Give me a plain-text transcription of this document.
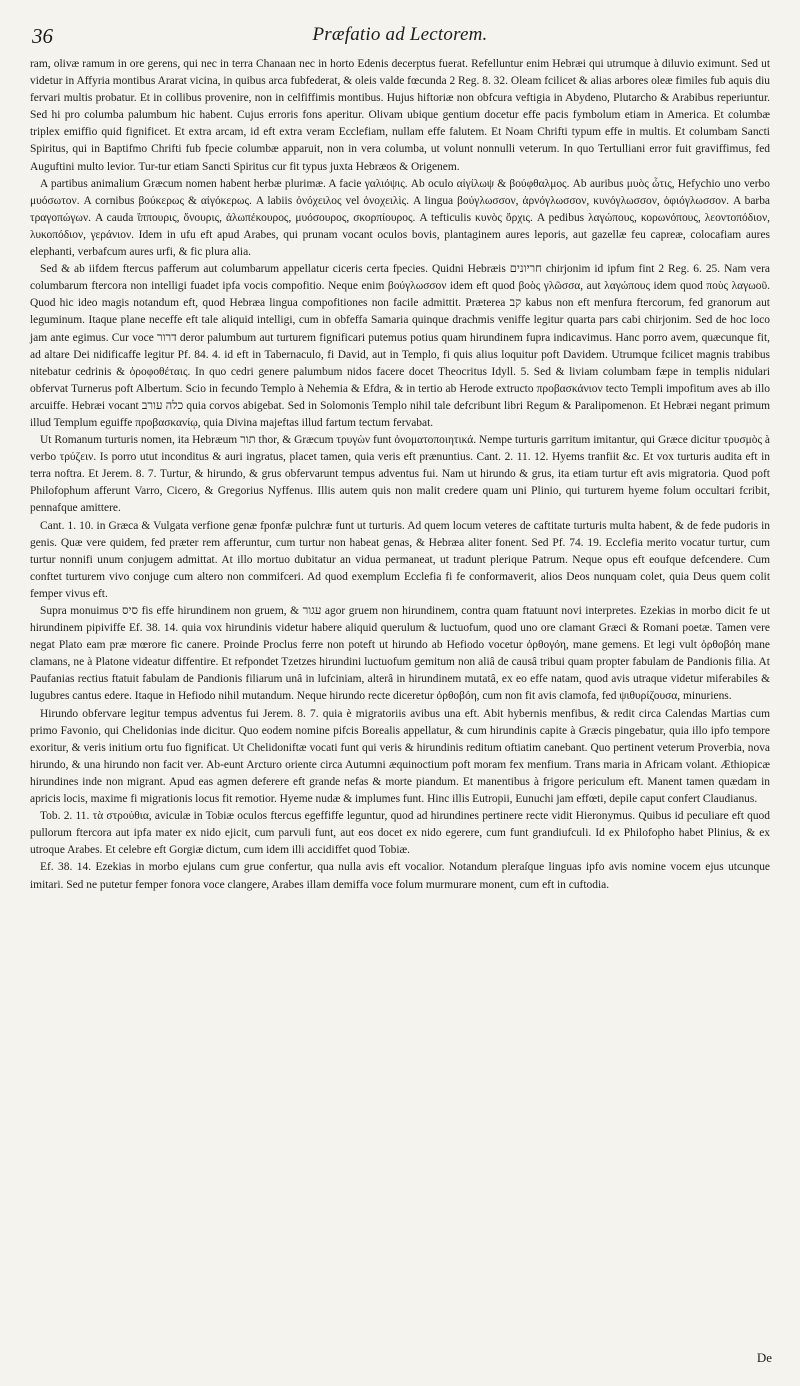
36	Præfatio ad Lectorem.

ram, olivæ ramum in ore gerens, qui nec in terra Chanaan nec in horto Edenis decerptus fuerat. Refelluntur enim Hebræi qui utrumque à diluvio eximunt. Sed ut videtur in Affyria montibus Ararat vicina, in quibus arca fubfederat, & oleis valde fœcunda 2 Reg. 8. 32. Oleam fcilicet & alias arbores oleæ fimiles fub aquis diu fervari multis probatur. Et in collibus provenire, non in celfiffimis montibus. Hujus hiftoriæ non obfcura veftigia in Abydeno, Plutarcho & Arabibus reperiuntur. Sed hi pro columba palumbum hic habent. Cujus erroris fons aperitur. Olivam ubique gentium docetur effe pacis fymbolum etiam in America. Et columbæ triplex emiffio quid fignificet. Et extra arcam, id eft extra veram Ecclefiam, nullam effe falutem. Et Noam Chrifti typum effe in multis. Et columbam Sancti Spiritus, qui in Baptifmo Chrifti fub fpecie columbæ apparuit, non in vera columba, ut volunt nonnulli veterum. In quo Tertulliani error fuit graviffimus, fed Auguftini multo levior. Tur-tur etiam Sancti Spiritus cur fit typus juxta Hebræos & Origenem.

A partibus animalium Græcum nomen habent herbæ plurimæ. A facie γαλιόψις. Ab oculo αἰγίλωψ & βούφθαλμος. Ab auribus μυὸς ὦτις, Hefychio uno verbo μυόσωτον. A cornibus βούκερως & αἰγόκερως. A labiis ὀνόχειλος vel ὀνοχειλὶς. A lingua βούγλωσσον, ἀρνόγλωσσον, κυνόγλωσσον, ὀφιόγλωσσον. A barba τραγοπώγων. A cauda ἵππουρις, ὄνουρις, ἀλωπέκουρος, μυόσουρος, σκορπίουρος. A tefticulis κυνὸς ὄρχις. A pedibus λαγώπους, κορωνόπους, λεοντοπόδιον, λυκοπόδιον, γεράνιον. Idem in ufu eft apud Arabes, qui prunam vocant oculos bovis, plantaginem aures leporis, aut gazellæ feu capreæ, colocafiam aures elephanti, verbafcum aures urfi, & fic plura alia.

Sed & ab iifdem ftercus pafferum aut columbarum appellatur ciceris certa fpecies. Quidni Hebræis חריונים chirjonim id ipfum fint 2 Reg. 6. 25. Nam vera columbarum ftercora non intelligi fuadet ipfa vocis compofitio. Neque enim βούγλωσσον idem eft quod βοὸς γλῶσσα, aut λαγώπους idem quod ποὺς λαγωοῦ. Quod hic ideo magis notandum eft, quod Hebræa lingua compofitiones non facile admittit. Præterea קב kabus non eft menfura ftercorum, fed granorum aut leguminum. Itaque plane neceffe eft tale aliquid intelligi, cum in obfeffa Samaria quinque drachmis veniffe legitur quarta pars cabi chirjonim. Sed de hoc loco jam ante egimus. Cur voce דרור deror palumbum aut turturem fignificari putemus potius quam hirundinem fupra indicavimus. Hanc porro avem, quæcunque fit, ad altare Dei nidificaffe legitur Pf. 84. 4. id eft in Tabernaculo, fi David, aut in Templo, fi quis alius loquitur poft Davidem. Utrumque fcilicet magnis trabibus nitebatur cedrinis & ὀροφοθέταις. In quo cedri genere palumbum nidos facere docet Theocritus Idyll. 5. Sed & liviam columbam fæpe in templis nidulari obfervat Turnerus poft Albertum. Scio in fecundo Templo à Nehemia & Efdra, & in tertio ab Herode extructo προβασκάνιον tecto Templi impofitum aves ab illo arcuiffe. Hebræi vocant כלה עורב quia corvos abigebat. Sed in Solomonis Templo nihil tale defcribunt libri Regum & Paralipomenon. Et Hebræi negant primum illud Templum eguiffe προβασκανίῳ, quia Divina majeftas illud fartum tectum fervabat.

Ut Romanum turturis nomen, ita Hebræum תור thor, & Græcum τρυγὼν funt ὀνοματοποιητικά. Nempe turturis garritum imitantur, qui Græce dicitur τρυσμὸς à verbo τρύζειν. Is porro utut inconditus & auri ingratus, placet tamen, quia veris eft prænuntius. Cant. 2. 11. 12. Hyems tranfiit &c. Et vox turturis audita eft in terra noftra. Et Jerem. 8. 7. Turtur, & hirundo, & grus obfervarunt tempus adventus fui. Nam ut hirundo & grus, ita etiam turtur eft avis migratoria. Quod poft Philofophum afferunt Varro, Cicero, & Gregorius Nyffenus. Illis autem quis non malit credere quam uni Plinio, qui turturem hyeme folum occultari fcribit, pennafque amittere.

Cant. 1. 10. in Græca & Vulgata verfione genæ fponfæ pulchræ funt ut turturis. Ad quem locum veteres de caftitate turturis multa habent, & de fede pudoris in genis. Quæ vere quidem, fed præter rem afferuntur, cum turtur non habeat genas, & Hebræa aliter fonent. Sed Pf. 74. 19. Ecclefia merito vocatur turtur, cum turtur nonnifi unum conjugem admittat. At illo mortuo dubitatur an vidua permaneat, ut tradunt plerique Patrum. Neque opus eft eoufque defcendere. Cum conftet turturem vivo conjuge cum altero non commifceri. Ad quod exemplum Ecclefia fi fe conformaverit, alios Deos nunquam colet, quia Deus quem colit femper vivus eft.

Supra monuimus סיס fis effe hirundinem non gruem, & עגור agor gruem non hirundinem, contra quam ftatuunt novi interpretes. Ezekias in morbo dicit fe ut hirundinem pipiviffe Ef. 38. 14. quia vox hirundinis videtur habere aliquid querulum & luctuofum, quod uno ore clamant Græci & Romani poetæ. Tamen vere negat Plato eam præ mœrore fic canere. Proinde Proclus ferre non poteft ut hirundo ab Hefiodo vocetur ὀρθογόη, mane gemens. Et legi vult ὀρθοβόη mane clamans, ne à Platone videatur diffentire. Et refpondet Tzetzes hirundini luctuofum gemitum non aliâ de causâ tribui quam propter fabulam de Pandionis filia. At Paufanias rectius ftatuit fabulam de Pandionis filiarum unâ in lufciniam, alterâ in hirundinem mutatâ, ex eo effe natam, quod avis utraque videtur miferabiles & lugubres cantus edere. Itaque in Hefiodo nihil mutandum. Neque hirundo recte diceretur ὀρθοβόη, cum non fit avis clamofa, fed ψιθυρίζουσα, minuriens.

Hirundo obfervare legitur tempus adventus fui Jerem. 8. 7. quia è migratoriis avibus una eft. Abit hybernis menfibus, & redit circa Calendas Martias cum primo Favonio, qui Chelidonias inde dicitur. Quo eodem nomine pifcis Borealis appellatur, & cum hirundinis capite à Græcis pingebatur, quia illo ipfo tempore exoritur, & veris initium ortu fuo fignificat. Ut Chelidoniftæ vocati funt qui veris & hirundinis reditum oftiatim canebant. Quo pertinent veterum Proverbia, nova hirundo, & una hirundo non facit ver. Ab-eunt Arcturo oriente circa Autumni æquinoctium poft moram fex menfium. Trans maria in Africam volant. Æthiopicæ hirundines inde non migrant. Apud eas agmen deferere eft grande nefas & morte piandum. Et manentibus à frigore periculum eft. Manent tamen quædam in apricis locis, maxime fi migrationis locus fit remotior. Hyeme nudæ & implumes funt. Hinc illis Eutropii, Eunuchi jam effœti, depile caput confert Claudianus.

Tob. 2. 11. τὰ στρούθια, aviculæ in Tobiæ oculos ftercus egeffiffe leguntur, quod ad hirundines pertinere recte vidit Hieronymus. Quibus id peculiare eft quod pullorum ftercora aut ipfa mater ex nido ejicit, cum parvuli funt, aut eos docet ex nido egerere, cum funt grandiufculi. Id ex Philofopho habet Plinius, & ex utroque Arabes. Et celebre eft Gorgiæ dictum, cum idem illi accidiffet quod Tobiæ.

Ef. 38. 14. Ezekias in morbo ejulans cum grue confertur, qua nulla avis eft vocalior. Notandum pleraſque linguas ipfo avis nomine vocem ejus utcunque imitari. Sed ne putetur femper fonora voce clangere, Arabes illam demiffa voce folum murmurare monent, cum eft in cuftodia.

De
